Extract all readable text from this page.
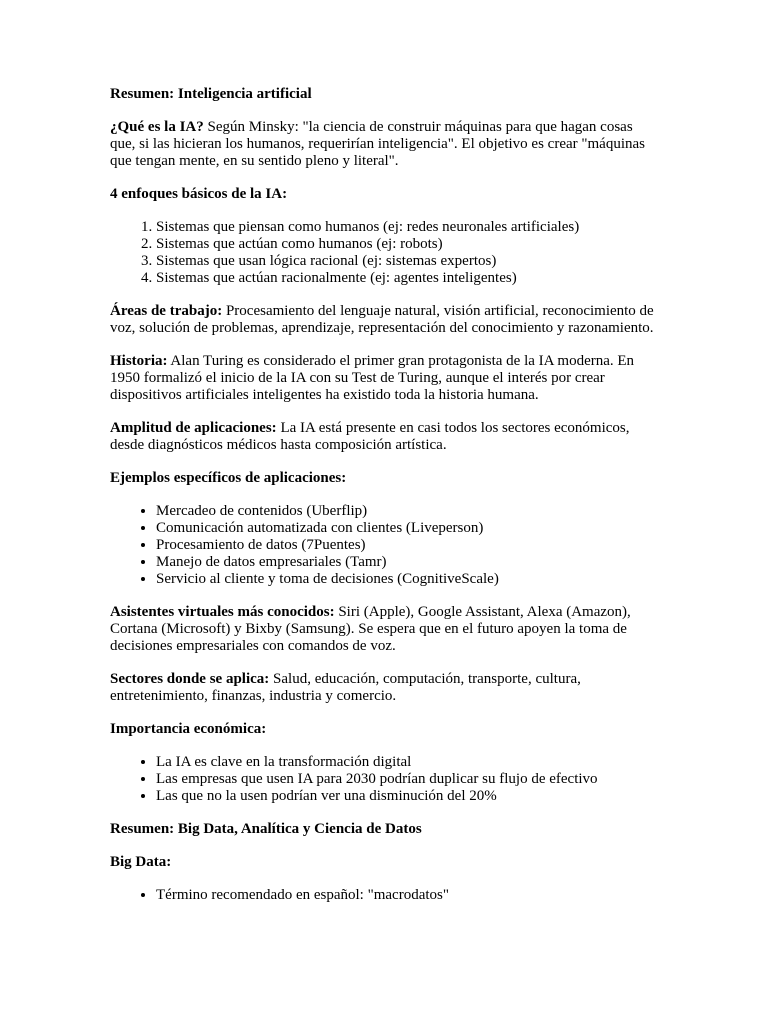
Resumen: Inteligencia artificial

¿Qué es la IA? Según Minsky: "la ciencia de construir máquinas para que hagan cosas que, si las hicieran los humanos, requerirían inteligencia". El objetivo es crear "máquinas que tengan mente, en su sentido pleno y literal".

4 enfoques básicos de la IA:

1. Sistemas que piensan como humanos (ej: redes neuronales artificiales)
2. Sistemas que actúan como humanos (ej: robots)
3. Sistemas que usan lógica racional (ej: sistemas expertos)
4. Sistemas que actúan racionalmente (ej: agentes inteligentes)

Áreas de trabajo: Procesamiento del lenguaje natural, visión artificial, reconocimiento de voz, solución de problemas, aprendizaje, representación del conocimiento y razonamiento.

Historia: Alan Turing es considerado el primer gran protagonista de la IA moderna. En 1950 formalizó el inicio de la IA con su Test de Turing, aunque el interés por crear dispositivos artificiales inteligentes ha existido toda la historia humana.

Amplitud de aplicaciones: La IA está presente en casi todos los sectores económicos, desde diagnósticos médicos hasta composición artística.

Ejemplos específicos de aplicaciones:

• Mercadeo de contenidos (Uberflip)
• Comunicación automatizada con clientes (Liveperson)
• Procesamiento de datos (7Puentes)
• Manejo de datos empresariales (Tamr)
• Servicio al cliente y toma de decisiones (CognitiveScale)

Asistentes virtuales más conocidos: Siri (Apple), Google Assistant, Alexa (Amazon), Cortana (Microsoft) y Bixby (Samsung). Se espera que en el futuro apoyen la toma de decisiones empresariales con comandos de voz.

Sectores donde se aplica: Salud, educación, computación, transporte, cultura, entretenimiento, finanzas, industria y comercio.

Importancia económica:

• La IA es clave en la transformación digital
• Las empresas que usen IA para 2030 podrían duplicar su flujo de efectivo
• Las que no la usen podrían ver una disminución del 20%

Resumen: Big Data, Analítica y Ciencia de Datos

Big Data:

• Término recomendado en español: "macrodatos"
